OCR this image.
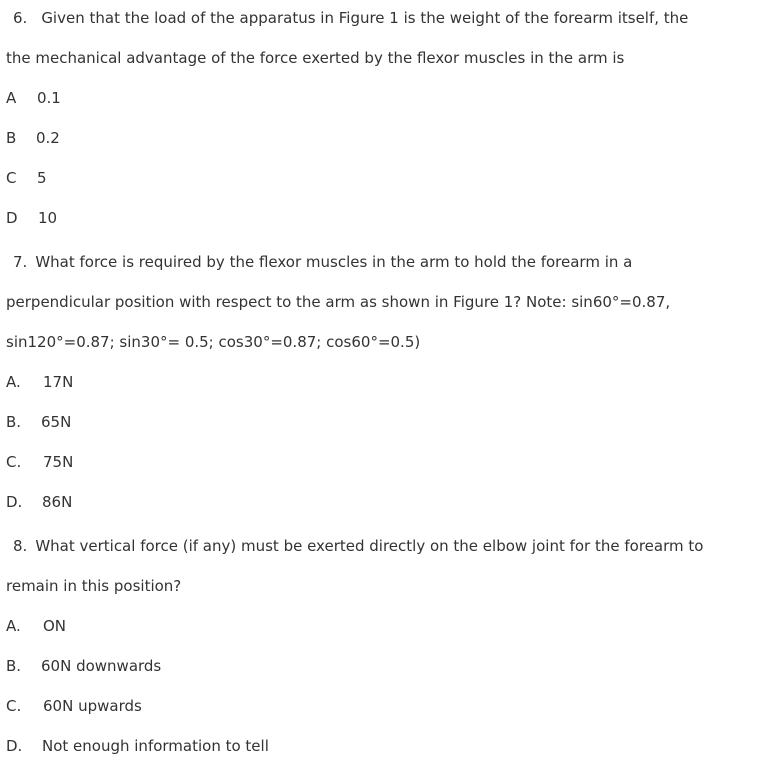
6. Given that the load of the apparatus in Figure 1 is the weight of the forearm itself, the
the mechanical advantage of the force exerted by the flexor muscles in the arm is
A 0.1
B 0.2
C 5
D 10
7. What force is required by the flexor muscles in the arm to hold the forearm in a
perpendicular position with respect to the arm as shown in Figure 1? Note: sin60°=0.87,
sin120°=0.87; sin30°= 0.5; cos30°=0.87; cos60°=0.5)
A. 17N
B. 65N
C. 75N
D. 86N
8. What vertical force (if any) must be exerted directly on the elbow joint for the forearm to
remain in this position?
A. ON
B. 60N downwards
C. 60N upwards
D. Not enough information to tell
